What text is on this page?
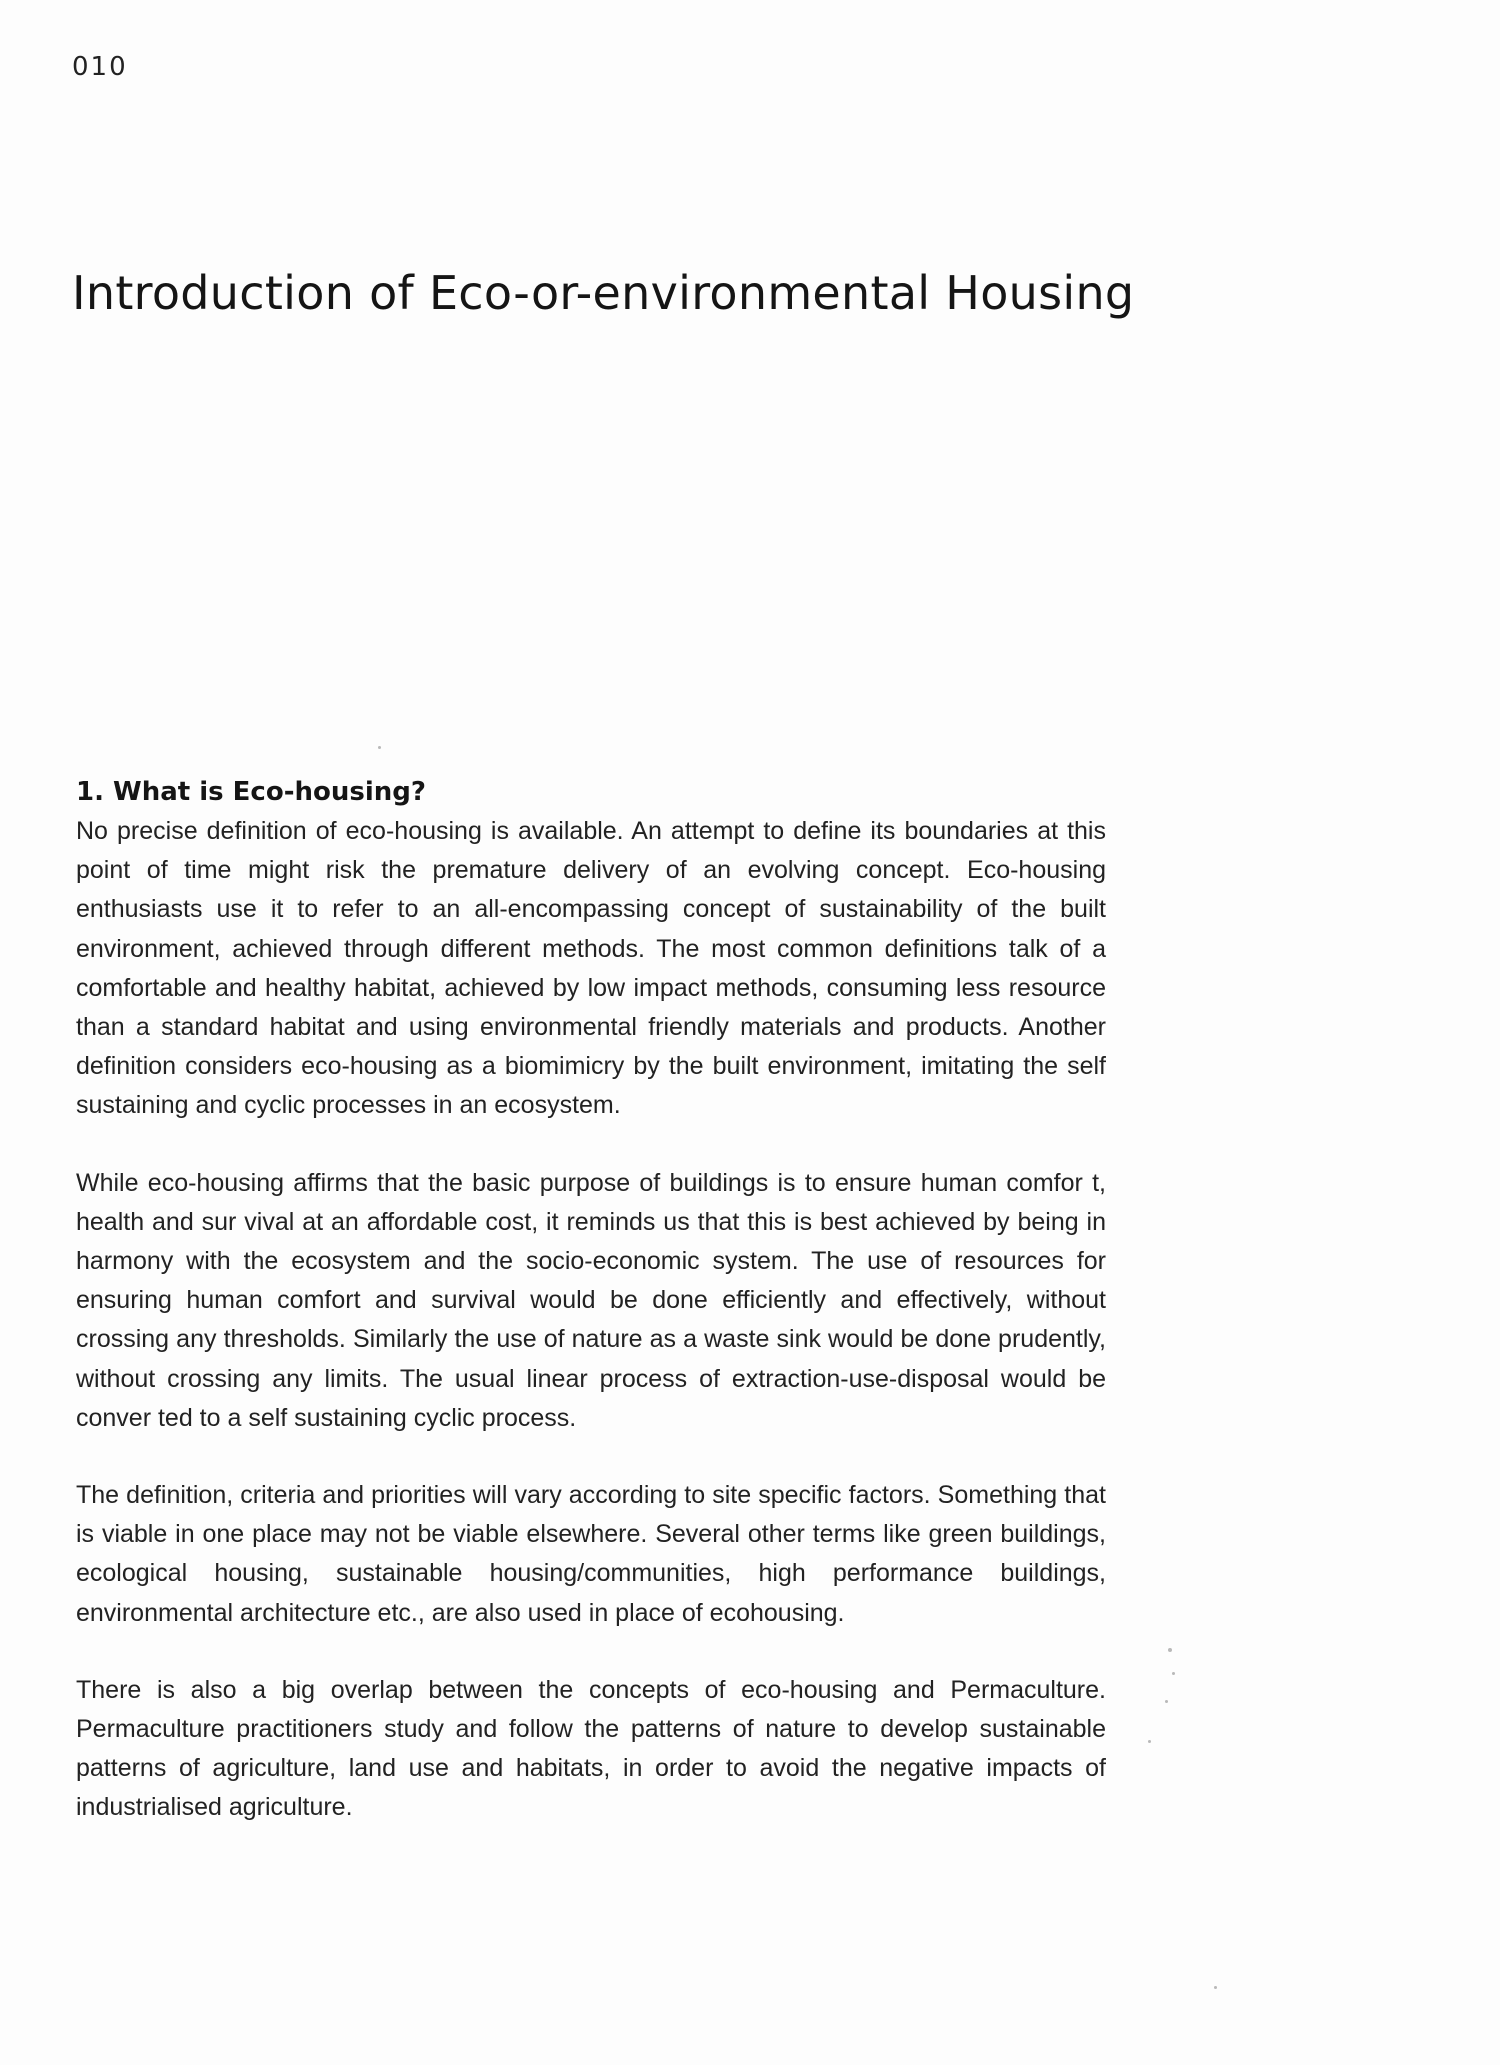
010
Introduction of Eco-or-environmental Housing
1. What is Eco-housing?

No precise definition of eco-housing is available. An attempt to define its boundaries at this point of time might risk the premature delivery of an evolving concept. Eco-housing enthusiasts use it to refer to an all-encompassing concept of sustainability of the built environment, achieved through different methods. The most common definitions talk of a comfortable and healthy habitat, achieved by low impact methods, consuming less resource than a standard habitat and using environmental friendly materials and products. Another definition considers eco-housing as a biomimicry by the built environment, imitating the self sustaining and cyclic processes in an ecosystem.

While eco-housing affirms that the basic purpose of buildings is to ensure human comfor t, health and sur vival at an affordable cost, it reminds us that this is best achieved by being in harmony with the ecosystem and the socio-economic system. The use of resources for ensuring human comfort and survival would be done efficiently and effectively, without crossing any thresholds. Similarly the use of nature as a waste sink would be done prudently, without crossing any limits. The usual linear process of extraction-use-disposal would be conver ted to a self sustaining cyclic process.

The definition, criteria and priorities will vary according to site specific factors. Something that is viable in one place may not be viable elsewhere. Several other terms like green buildings, ecological housing, sustainable housing/communities, high performance buildings, environmental architecture etc., are also used in place of ecohousing.

There is also a big overlap between the concepts of eco-housing and Permaculture. Permaculture practitioners study and follow the patterns of nature to develop sustainable patterns of agriculture, land use and habitats, in order to avoid the negative impacts of industrialised agriculture.
